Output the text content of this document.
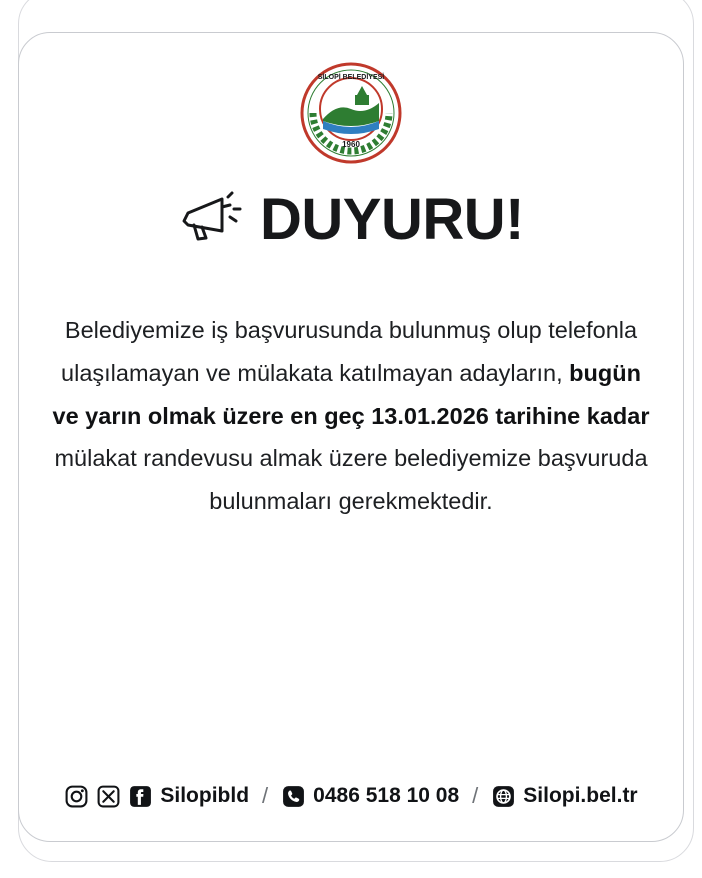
SİLOPİ BELEDİYESİ
1960
DUYURU!
Belediyemize iş başvurusunda bulunmuş olup telefonla ulaşılamayan ve mülakata katılmayan adayların, bugün ve yarın olmak üzere en geç 13.01.2026 tarihine kadar mülakat randevusu almak üzere belediyemize başvuruda bulunmaları gerekmektedir.
Silopibld / 0486 518 10 08 / Silopi.bel.tr
